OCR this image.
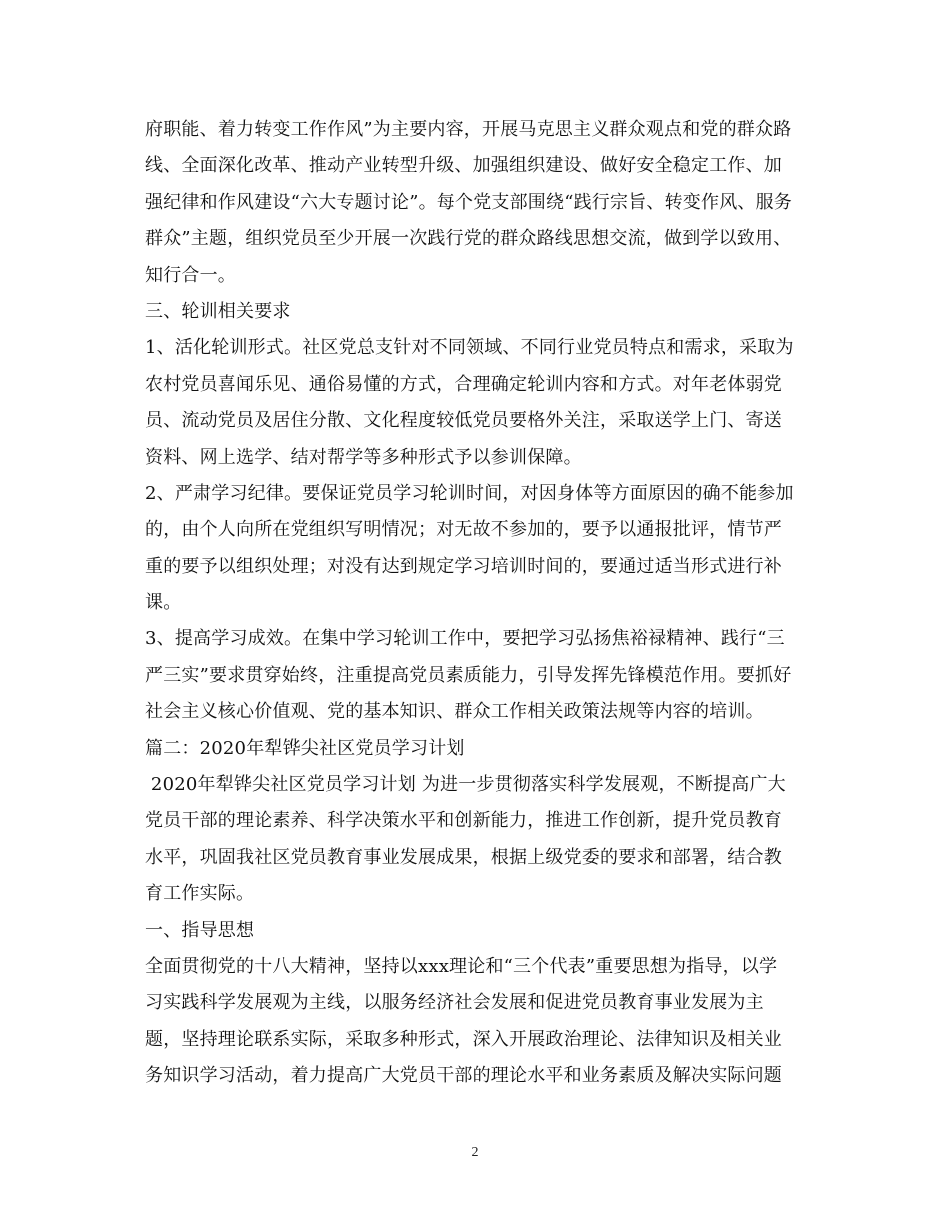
府职能、着力转变工作作风”为主要内容，开展马克思主义群众观点和党的群众路
线、全面深化改革、推动产业转型升级、加强组织建设、做好安全稳定工作、加
强纪律和作风建设“六大专题讨论”。每个党支部围绕“践行宗旨、转变作风、服务
群众”主题，组织党员至少开展一次践行党的群众路线思想交流，做到学以致用、
知行合一。
三、轮训相关要求
1、活化轮训形式。社区党总支针对不同领域、不同行业党员特点和需求，采取为
农村党员喜闻乐见、通俗易懂的方式，合理确定轮训内容和方式。对年老体弱党
员、流动党员及居住分散、文化程度较低党员要格外关注，采取送学上门、寄送
资料、网上选学、结对帮学等多种形式予以参训保障。
2、严肃学习纪律。要保证党员学习轮训时间，对因身体等方面原因的确不能参加
的，由个人向所在党组织写明情况；对无故不参加的，要予以通报批评，情节严
重的要予以组织处理；对没有达到规定学习培训时间的，要通过适当形式进行补
课。
3、提高学习成效。在集中学习轮训工作中，要把学习弘扬焦裕禄精神、践行“三
严三实”要求贯穿始终，注重提高党员素质能力，引导发挥先锋模范作用。要抓好
社会主义核心价值观、党的基本知识、群众工作相关政策法规等内容的培训。
篇二：2020年犁铧尖社区党员学习计划
2020年犁铧尖社区党员学习计划 为进一步贯彻落实科学发展观，不断提高广大
党员干部的理论素养、科学决策水平和创新能力，推进工作创新，提升党员教育
水平，巩固我社区党员教育事业发展成果，根据上级党委的要求和部署，结合教
育工作实际。
一、指导思想
全面贯彻党的十八大精神，坚持以xxx理论和“三个代表”重要思想为指导，以学
习实践科学发展观为主线，以服务经济社会发展和促进党员教育事业发展为主
题，坚持理论联系实际，采取多种形式，深入开展政治理论、法律知识及相关业
务知识学习活动，着力提高广大党员干部的理论水平和业务素质及解决实际问题
2
